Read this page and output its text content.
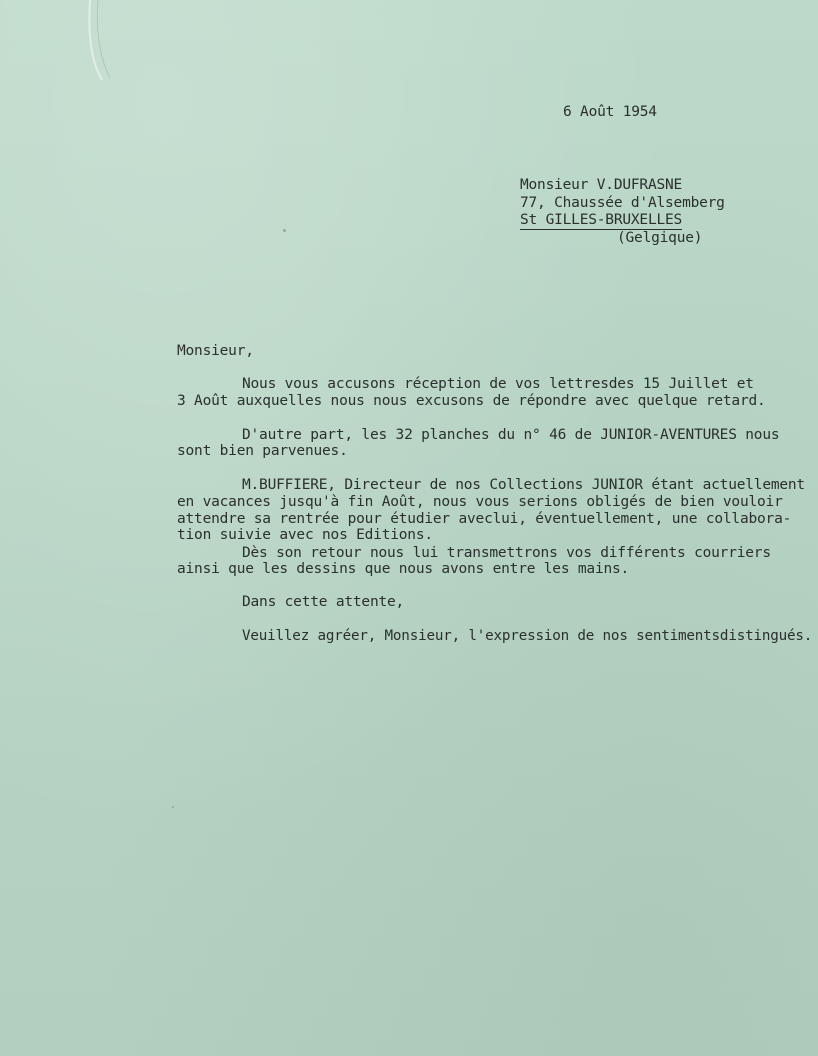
6 Août 1954
Monsieur V.DUFRASNE
77, Chaussée d'Alsemberg
St GILLES-BRUXELLES
(Gelgique)
Monsieur,
Nous vous accusons réception de vos lettresdes 15 Juillet et
3 Août auxquelles nous nous excusons de répondre avec quelque retard.
D'autre part, les 32 planches du n° 46 de JUNIOR-AVENTURES nous
sont bien parvenues.
M.BUFFIERE, Directeur de nos Collections JUNIOR étant actuellement
en vacances jusqu'à fin Août, nous vous serions obligés de bien vouloir
attendre sa rentrée pour étudier aveclui, éventuellement, une collabora-
tion suivie avec nos Editions.
Dès son retour nous lui transmettrons vos différents courriers
ainsi que les dessins que nous avons entre les mains.
Dans cette attente,
Veuillez agréer, Monsieur, l'expression de nos sentimentsdistingués.
